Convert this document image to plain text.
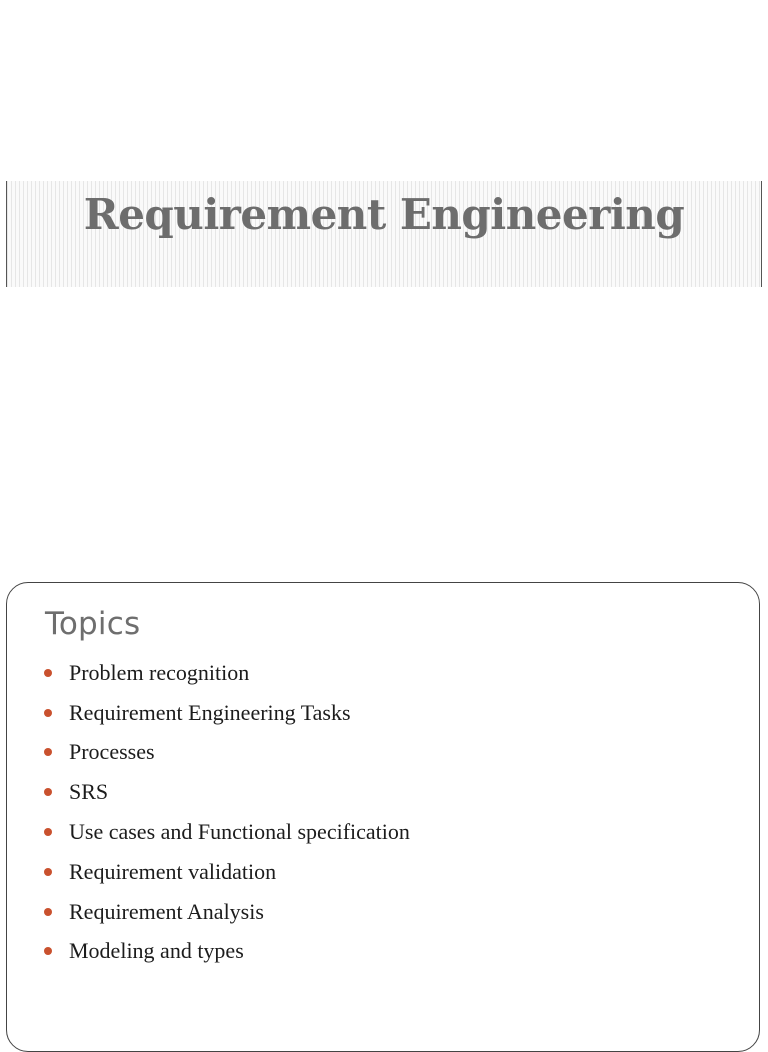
Requirement Engineering
Topics
Problem recognition
Requirement Engineering Tasks
Processes
SRS
Use cases and Functional specification
Requirement validation
Requirement Analysis
Modeling and types
